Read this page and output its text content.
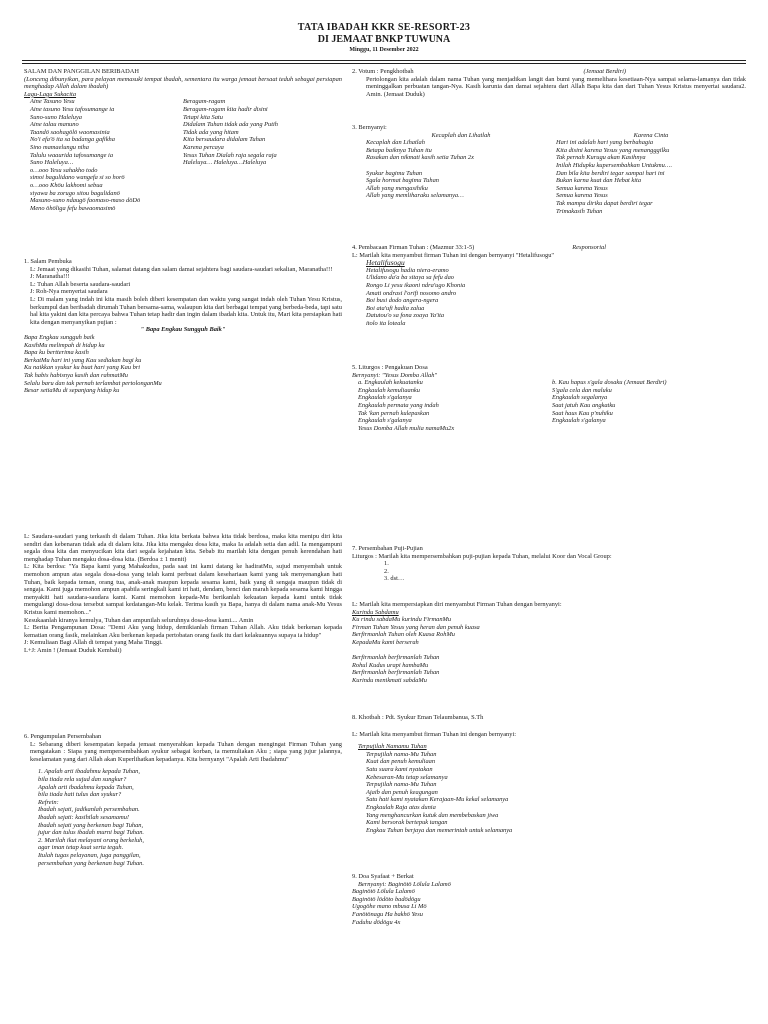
TATA IBADAH KKR SE-RESORT-23
DI JEMAAT BNKP TUWUNA
Minggu, 11 Desember 2022

SALAM DAN PANGGILAN BERIBADAH

(Lonceng dibunyikan, para pelayan memasuki tempat ibadah, sementara itu warga jemaat bersaat teduh sebagai persiapan menghadap Allah dalam ibadah)

Lagu-Lagu Sukacita

Aine Tasuno Yesu

Aine tasuno Yesu tafosumange ia

Suno-suno Haleluya

Aine talau manuno

Taandö saohagölö waomasinia

No'i efa'ö ita sa badanga gafikha

Sino mamaelungu niha

Talulu waaurida tafosumange ia

Suno Haleluya…

o…ooo Yesu sahakho todo

simoi bagulidano wangefa si so horö

o…ooo Khöu lakhomi sebua

siyawa ba zorugo sitou bagulidanö

Masuno-suno ndaugö faomaso-maso döDö

Meno öhöliga fefu bawaomasimö

Beragam-ragam

Beragam-ragam kita hadir disini

Tetapi kita Satu

Didalam Tuhan tidak ada yang Putih

Tidak ada yang hitam

Kita bersaudara didalam Tuhan

Karena percaya

Yesus Tuhan Dialah raja segala raja

Haleluya… Haleluya…Haleluya

1. Salam Pembuka

L: Jemaat yang dikasihi Tuhan, salamat datang dan salam damai sejahtera bagi saudara-saudari sekalian, Maranatha!!!

J: Maranatha!!!

L: Tuhan Allah beserta saudara-saudari

J: Roh-Nya menyertai saudara

L: Di malam yang indah ini kita masih boleh diberi kesempatan dan waktu yang sangat indah oleh Tuhan Yesu Kristus, berkumpul dan beribadah dirumah Tuhan bersama-sama, walaupun kita dari berbagai tempat yang berbeda-beda, tapi satu hal kita yakini dan kita percaya bahwa Tuhan tetap hadir dan ingin dalam ibadah kita. Untuk itu, Mari kita persiapkan hati kita dengan menyanyikan pujian :

" Bapa Engkau Sungguh Baik"

Bapa Engkau sungguh baik

KasihMu melimpah di hidup ku

Bapa ku bertterima kasih

BerkatMu hari ini yang Kau sediakan bagi ku

Ku naikkan syukur ku buat hari yang Kau bri

Tak habis habisnya kasih dan rahmatMu

Selalu baru dan tak pernah terlambat pertolonganMu

Besar setiaMu di sepanjang hidup ku

L: Saudara-saudari yang terkasih di dalam Tuhan. Jika kita berkata bahwa kita tidak berdosa, maka kita menipu diri kita sendiri dan kebenaran tidak ada di dalam kita. Jika kita mengaku dosa kita, maka Ia adalah setia dan adil. Ia mengampuni segala dosa kita dan menyucikan kita dari segala kejahatan kita. Sebab itu marilah kita dengan penuh kerendahan hati menghadap Tuhan mengaku dosa-dosa kita. (Berdoa ± 1 menit)

L: Kita berdoa: "Ya Bapa kami yang Mahakudus, pada saat ini kami datang ke hadiratMu, sujud menyembah untuk memohon ampun atas segala dosa-dosa yang telah kami perbuat dalam kesehariaan kami yang tak menyenangkan hati Tuhan, baik kepada teman, orang tua, anak-anak maupun kepada sesama kami, baik yang di sengaja maupun tidak di sengaja. Kami juga memohon ampun apabila seringkali kami iri hati, dendam, benci dan marah kepada sesama kami hingga menyakiti hati saudara-saudara kami. Kami memohon kepada-Mu berikanlah kekuatan kepada kami untuk tidak mengulangi dosa-dosa tersebut sampai kedatangan-Mu kelak. Terima kasih ya Bapa, hanya di dalam nama anak-Mu Yesus Kristus kami memohon..."

Kesukaanlah kiranya kemulya, Tuhan dan ampunilah seluruhnya dosa-dosa kami.... Amin

L: Berita Pengampunan Dosa: "Demi Aku yang hidup, demikianlah firman Tuhan Allah. Aku tidak berkenan kepada kematian orang fasik, melainkan Aku berkenan kepada pertobatan orang fasik itu dari kelakuannya supaya ia hidup"

J: Kemuliaan Bagi Allah di tempat yang Maha Tinggi.

L+J: Amin ! (Jemaat Duduk Kembali)

6. Pengumpulan Persembahan

L: Sebarang diberi kesempatan kepada jemaat menyerahkan kepada Tuhan dengan mengingat Firman Tuhan yang mengatakan : Siapa yang mempersembahkan syukur sebagai korban, ia memuliakan Aku ; siapa yang jujur jalannya, keselamatan yang dari Allah akan Kuperlihatkan kepadanya. Kita bernyanyi "Apalah Arti Ibadahmu"

1. Apalah arti ibadahmu kepada Tuhan,

bila tiada rela sujud dan sungkur?

Apalah arti ibadahmu kepada Tuhan,

bila tiada hati tulus dan syukur?

Refrein:

Ibadah sejati, jadikanlah persembahan.

Ibadah sejati: kasihilah sesamamu!

Ibadah sejati yang berkenan bagi Tuhan,

jujur dan tulus ibadah murni bagi Tuhan.

2. Marilah ikut melayani orang berkeluh,

agar iman tetap kuat serta teguh.

Itulah tugas pelayanan, juga panggilan,

persembahan yang berkenan bagi Tuhan.

2. Votum : Pengkhotbah	(Jemaat Berdiri)

Pertolongan kita adalah dalam nama Tuhan yang menjadikan langit dan bumi yang memelihara kesetiaan-Nya sampai selama-lamanya dan tidak meninggalkan perbuatan tangan-Nya. Kasih karunia dan damai sejahtera dari Allah Bapa kita dan dari Tuhan Yesus Kristus menyertai saudara2. Amin. (Jemaat Duduk)

3. Bernyanyi:

Kecaplah dan Lihatlah

Kecaplah dan Lihatlah

Betapa baiknya Tuhan itu

Rasakan dan nikmati kasih setia Tuhan 2x

Syukur bagimu Tuhan

Sgala hormat bagimu Tuhan

Allah yang mengasihiku

Allah yang memliharaku selamanya…

Karena Cinta

Hari ini adalah hari yang berbahagia

Kita disini karena Yesus yang menangggilku

Tak pernah Kurugu akan Kasihnya

Inilah Hidupku kupersembahkan Untukmu….

Dan bila kita berdiri tegar sampai hari ini

Bukan karna kuat dan Hebat kita

Semua karena Yesus

Semua karena Yesus

Tak mampu diriku dapat berdiri tegar

Trimakasih Tuhan

4. Pembacaan Firman Tuhan : (Mazmur 33:1-5)	Responsorial

L: Marilah kita menyambut firman Tuhan ini dengan bernyanyi "Hetalifusogu"

Hetalifusogu

Hetalifusogu hadia niera-eramo

Ulidano da'a ba sitaya sa fefu dao

Rongo Li yesu ikaoni ndra'ugo Khonia

Amati ondrasi l'orifi nosomo andro

Boi busi dodo angera-ngera

Boi ata'ufi hadia zalua

Datutou'o sa fona zoaya Ya'ita

itolo ita loteala

5. Liturgos : Pengakuan Dosa

Bernyanyi: "Yesus Domba Allah"

a. Engkaulah kekuatanku

Engkaulah kemuliaanku

Engkaulah s'galanya

Engkaulah permata yang indah

Tak 'kan pernah kulepaskan

Engkaulah s'galanya

Yesus Domba Allah mulia namaMu2x

b. Kau hapus s'gala dosaku (Jemaat Berdiri)

S'gala cela dan maluku

Engkaulah segalanya

Saat jatuh Kau angkatku

Saat haus Kau p'nuhiku

Engkaulah s'galanya

7. Persembahan Puji-Pujian

Liturgos : Marilah kita mempersembahkan puji-pujian kepada Tuhan, melalui Koor dan Vocal Group:

1.

2.

3. dst…

L: Marilah kita mempersiapkan diri menyambut Firman Tuhan dengan bernyanyi:

Kurindu Sabdamu

Ku rindu sabdaMu kurindu FirmanMu

Firman Tuhan Yesus yang heran dan penuh kuasa

Berfirmanlah Tuhan oleh Kuasa RohMu

KepadaMu kami berserah

Berfirmanlah berfirmanlah Tuhan

Rohul Kudus urapi hambaMu

Berfirmanlah berfirmanlah Tuhan

Kurindu menikmati sabdaMu

8. Khotbah : Pdt. Syukur Eman Telaumbanua, S.Th

L: Marilah kita menyambut firman Tuhan ini dengan bernyanyi:

Terpujilah Namamu Tuhan

Terpujilah nama-Mu Tuhan

Kuat dan penuh kemuliaan

Satu suara kami nyatakan

Kebesaran-Mu tetap selamanya

Terpujilah nama-Mu Tuhan

Ajaib dan penuh keagungan

Satu hati kami nyatakan Kerajaan-Mu kekal selamanya

Engkaulah Raja atas dunia

Yang menghancurkan kutuk dan membebaskan jiwa

Kami bersorak bertepuk tangan

Engkau Tuhan berjaya dan memerintah untuk selamanya

9. Doa Syafaat + Berkat

Bernyanyi: Baginötö Lölula Lalamö

Baginötö Lölula Lalamö

Baginötö lödöto badödögu

Ugogöhe mano mbusa Li Mö

Fanötönagu Ha bakhö Yesu

Faduhu dödögu 4x
